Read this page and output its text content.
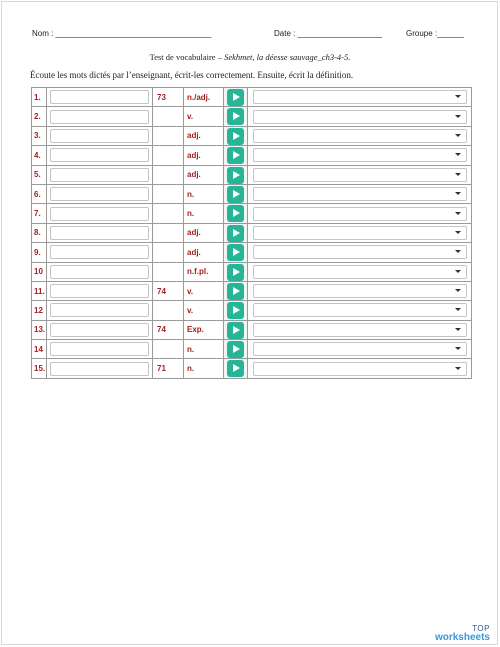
Nom : ___________________________________	Date : ___________________	Groupe :______
Test de vocabulaire – Sekhmet, la déesse sauvage_ch3-4-5.
Écoute les mots dictés par l’enseignant, écrit-les correctement. Ensuite, écrit la définition.
1.		73	n./adj.	

2.			v.	

3.			adj.	

4.			adj.	

5.			adj.	

6.			n.	

7.			n.	

8.			adj.	

9.			adj.	

10			n.f.pl.	

11.		74	v.	

12			v.	

13.		74	Exp.	

14			n.	

15.		71	n.	

TOP
worksheets
